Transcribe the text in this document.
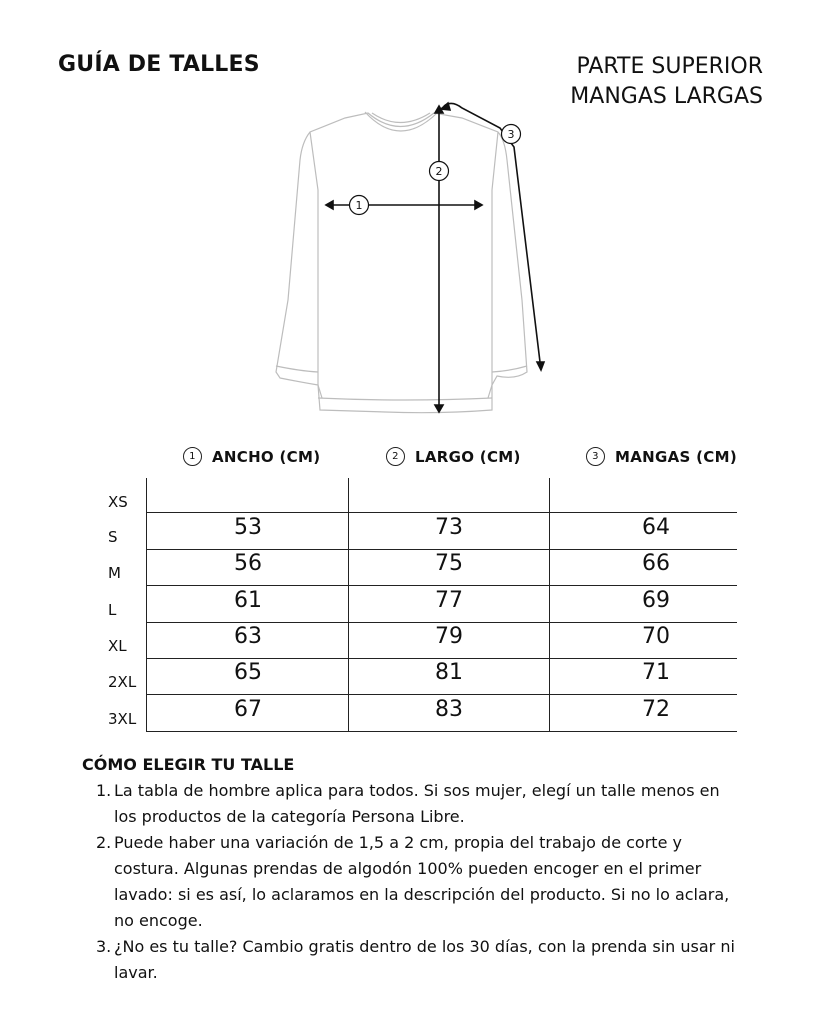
GUÍA DE TALLES	PARTE SUPERIOR
MANGAS LARGAS
1
2
3
1	ANCHO (CM)	2	LARGO (CM)	3	MANGAS (CM)
XS
S	53	73	64
M	56	75	66
L	61	77	69
XL	63	79	70
2XL	65	81	71
3XL	67	83	72
CÓMO ELEGIR TU TALLE
1. La tabla de hombre aplica para todos. Si sos mujer, elegí un talle menos en los productos de la categoría Persona Libre.
2. Puede haber una variación de 1,5 a 2 cm, propia del trabajo de corte y costura. Algunas prendas de algodón 100% pueden encoger en el primer lavado: si es así, lo aclaramos en la descripción del producto. Si no lo aclara, no encoge.
3. ¿No es tu talle? Cambio gratis dentro de los 30 días, con la prenda sin usar ni lavar.
